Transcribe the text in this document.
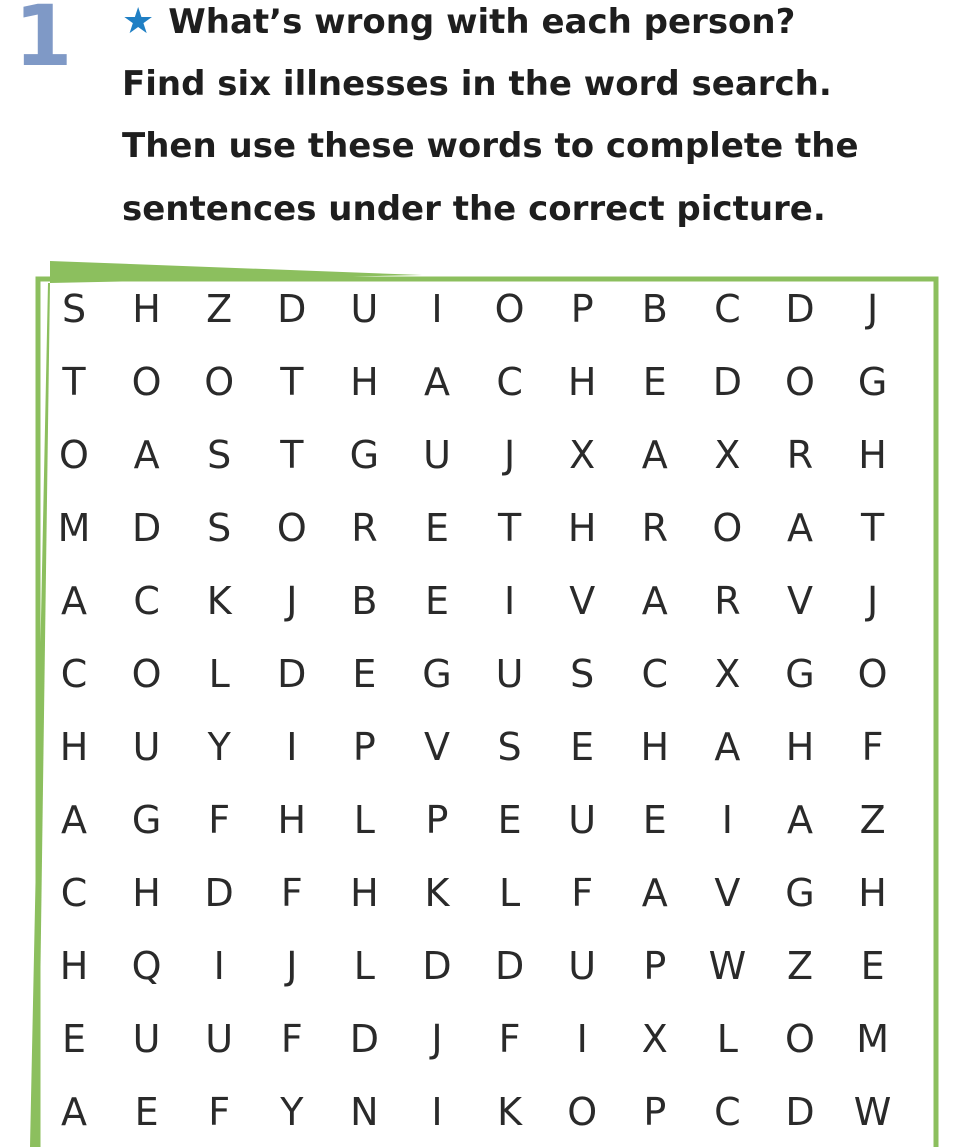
1 ★ What’s wrong with each person?
Find six illnesses in the word search.
Then use these words to complete the
sentences under the correct picture.
S	H	Z	D	U	I	O	P	B	C	D	J
T	O	O	T	H	A	C	H	E	D	O	G
O	A	S	T	G	U	J	X	A	X	R	H
M	D	S	O	R	E	T	H	R	O	A	T
A	C	K	J	B	E	I	V	A	R	V	J
C	O	L	D	E	G	U	S	C	X	G	O
H	U	Y	I	P	V	S	E	H	A	H	F
A	G	F	H	L	P	E	U	E	I	A	Z
C	H	D	F	H	K	L	F	A	V	G	H
H	Q	I	J	L	D	D	U	P	W	Z	E
E	U	U	F	D	J	F	I	X	L	O	M
A	E	F	Y	N	I	K	O	P	C	D	W
